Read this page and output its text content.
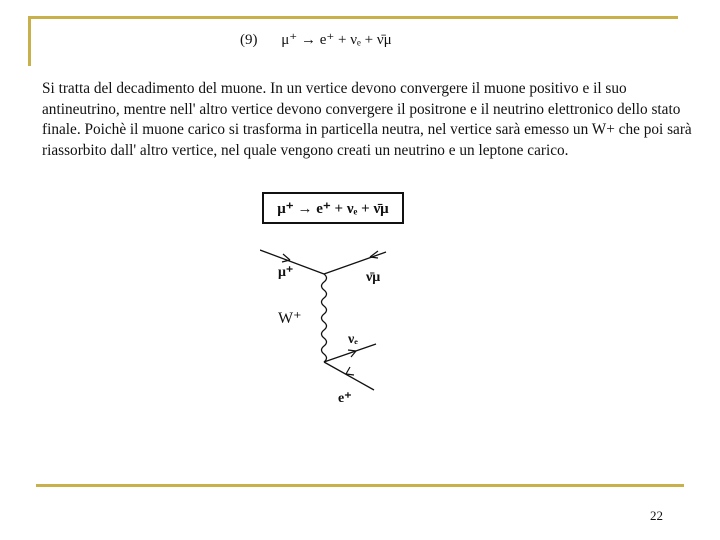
(9) μ⁺ → e⁺ + νₑ + ν̄μ

Si tratta del decadimento del muone. In un vertice devono convergere il muone positivo e il suo antineutrino, mentre nell' altro vertice devono convergere il positrone e il neutrino elettronico dello stato finale. Poichè il muone carico si trasforma in particella neutra, nel vertice sarà emesso un W+ che poi sarà riassorbito dall' altro vertice, nel quale vengono creati un neutrino e un leptone carico.

μ⁺ → e⁺ + νₑ + ν̄μ
μ⁺	ν̄μ
W⁺
νₑ
e⁺
22
